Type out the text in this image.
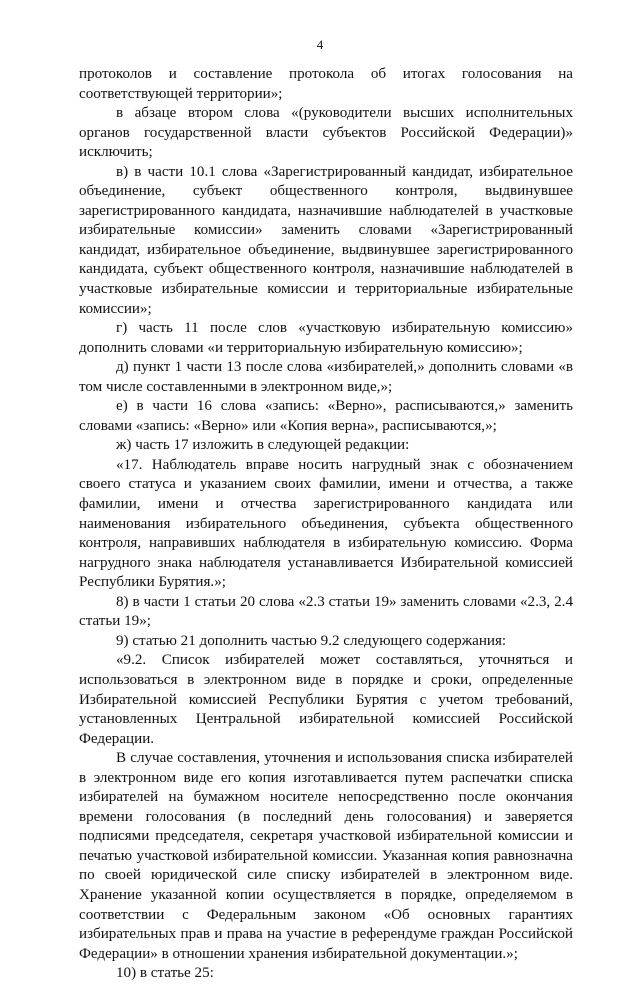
4

протоколов и составление протокола об итогах голосования на соответствующей территории»;

в абзаце втором слова «(руководители высших исполнительных органов государственной власти субъектов Российской Федерации)» исключить;

в) в части 10.1 слова «Зарегистрированный кандидат, избирательное объединение, субъект общественного контроля, выдвинувшее зарегистрированного кандидата, назначившие наблюдателей в участковые избирательные комиссии» заменить словами «Зарегистрированный кандидат, избирательное объединение, выдвинувшее зарегистрированного кандидата, субъект общественного контроля, назначившие наблюдателей в участковые избирательные комиссии и территориальные избирательные комиссии»;

г) часть 11 после слов «участковую избирательную комиссию» дополнить словами «и территориальную избирательную комиссию»;

д) пункт 1 части 13 после слова «избирателей,» дополнить словами «в том числе составленными в электронном виде,»;

е) в части 16 слова «запись: «Верно», расписываются,» заменить словами «запись: «Верно» или «Копия верна», расписываются,»;

ж) часть 17 изложить в следующей редакции:

«17. Наблюдатель вправе носить нагрудный знак с обозначением своего статуса и указанием своих фамилии, имени и отчества, а также фамилии, имени и отчества зарегистрированного кандидата или наименования избирательного объединения, субъекта общественного контроля, направивших наблюдателя в избирательную комиссию. Форма нагрудного знака наблюдателя устанавливается Избирательной комиссией Республики Бурятия.»;

8) в части 1 статьи 20 слова «2.3 статьи 19» заменить словами «2.3, 2.4 статьи 19»;

9) статью 21 дополнить частью 9.2 следующего содержания:

«9.2. Список избирателей может составляться, уточняться и использоваться в электронном виде в порядке и сроки, определенные Избирательной комиссией Республики Бурятия с учетом требований, установленных Центральной избирательной комиссией Российской Федерации.

В случае составления, уточнения и использования списка избирателей в электронном виде его копия изготавливается путем распечатки списка избирателей на бумажном носителе непосредственно после окончания времени голосования (в последний день голосования) и заверяется подписями председателя, секретаря участковой избирательной комиссии и печатью участковой избирательной комиссии. Указанная копия равнозначна по своей юридической силе списку избирателей в электронном виде. Хранение указанной копии осуществляется в порядке, определяемом в соответствии с Федеральным законом «Об основных гарантиях избирательных прав и права на участие в референдуме граждан Российской Федерации» в отношении хранения избирательной документации.»;

10) в статье 25:
